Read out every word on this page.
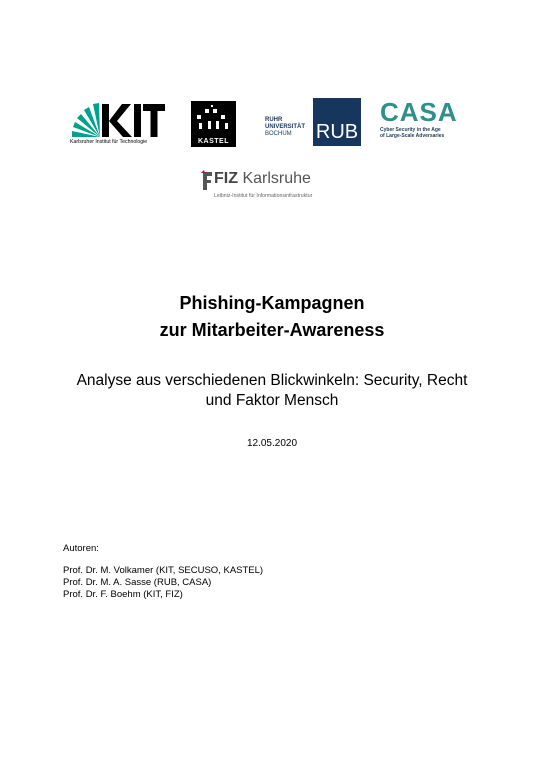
Karlsruher Institut für Technologie	KASTEL
RUHR
UNIVERSITÄT
BOCHUM	RUB
CASA
Cyber Security in the Age
of Large-Scale Adversaries
FIZ Karlsruhe
Leibniz-Institut für Informationsinfrastruktur
Phishing-Kampagnen
zur Mitarbeiter-Awareness
Analyse aus verschiedenen Blickwinkeln: Security, Recht
und Faktor Mensch
12.05.2020
Autoren:
Prof. Dr. M. Volkamer (KIT, SECUSO, KASTEL)
Prof. Dr. M. A. Sasse (RUB, CASA)
Prof. Dr. F. Boehm (KIT, FIZ)
